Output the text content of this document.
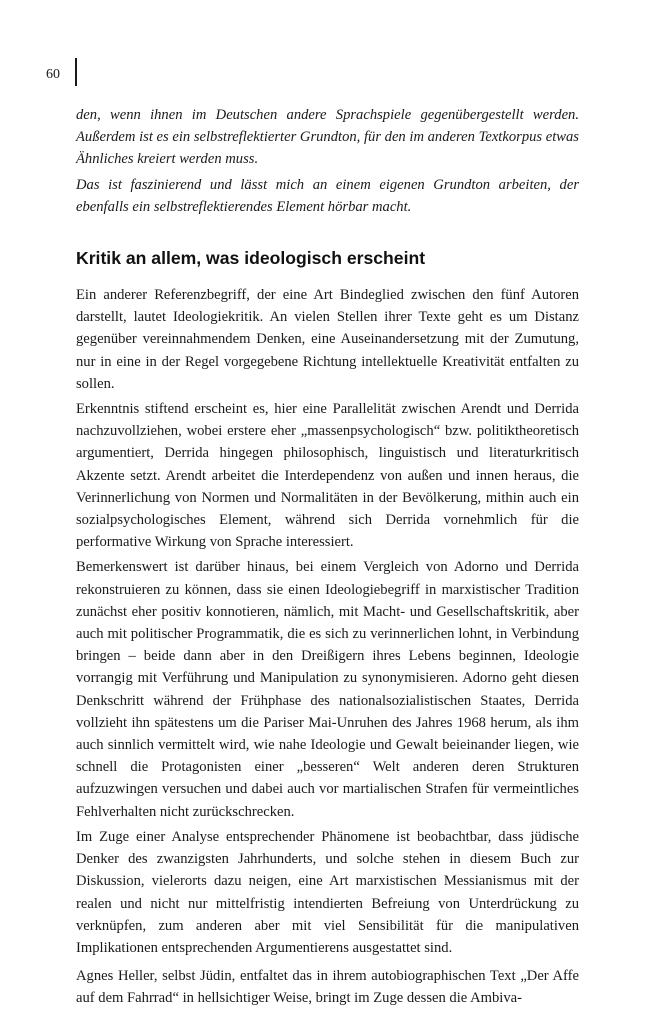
60

den, wenn ihnen im Deutschen andere Sprachspiele gegenübergestellt werden. Außerdem ist es ein selbstreflektierter Grundton, für den im anderen Textkorpus etwas Ähnliches kreiert werden muss.

Das ist faszinierend und lässt mich an einem eigenen Grundton arbeiten, der ebenfalls ein selbstreflektierendes Element hörbar macht.

Kritik an allem, was ideologisch erscheint

Ein anderer Referenzbegriff, der eine Art Bindeglied zwischen den fünf Autoren darstellt, lautet Ideologiekritik. An vielen Stellen ihrer Texte geht es um Distanz gegenüber vereinnahmendem Denken, eine Auseinandersetzung mit der Zumutung, nur in eine in der Regel vorgegebene Richtung intellektuelle Kreativität entfalten zu sollen.

Erkenntnis stiftend erscheint es, hier eine Parallelität zwischen Arendt und Derrida nachzuvollziehen, wobei erstere eher „massenpsychologisch“ bzw. politiktheoretisch argumentiert, Derrida hingegen philosophisch, linguistisch und literaturkritisch Akzente setzt. Arendt arbeitet die Interdependenz von außen und innen heraus, die Verinnerlichung von Normen und Normalitäten in der Bevölkerung, mithin auch ein sozialpsychologisches Element, während sich Derrida vornehmlich für die performative Wirkung von Sprache interessiert.

Bemerkenswert ist darüber hinaus, bei einem Vergleich von Adorno und Derrida rekonstruieren zu können, dass sie einen Ideologiebegriff in marxistischer Tradition zunächst eher positiv konnotieren, nämlich, mit Macht- und Gesellschaftskritik, aber auch mit politischer Programmatik, die es sich zu verinnerlichen lohnt, in Verbindung bringen – beide dann aber in den Dreißigern ihres Lebens beginnen, Ideologie vorrangig mit Verführung und Manipulation zu synonymisieren. Adorno geht diesen Denkschritt während der Frühphase des nationalsozialistischen Staates, Derrida vollzieht ihn spätestens um die Pariser Mai-Unruhen des Jahres 1968 herum, als ihm auch sinnlich vermittelt wird, wie nahe Ideologie und Gewalt beieinander liegen, wie schnell die Protagonisten einer „besseren“ Welt anderen deren Strukturen aufzuzwingen versuchen und dabei auch vor martialischen Strafen für vermeintliches Fehlverhalten nicht zurückschrecken.

Im Zuge einer Analyse entsprechender Phänomene ist beobachtbar, dass jüdische Denker des zwanzigsten Jahrhunderts, und solche stehen in diesem Buch zur Diskussion, vielerorts dazu neigen, eine Art marxistischen Messianismus mit der realen und nicht nur mittelfristig intendierten Befreiung von Unterdrückung zu verknüpfen, zum anderen aber mit viel Sensibilität für die manipulativen Implikationen entsprechenden Argumentierens ausgestattet sind.

Agnes Heller, selbst Jüdin, entfaltet das in ihrem autobiographischen Text „Der Affe auf dem Fahrrad“ in hellsichtiger Weise, bringt im Zuge dessen die Ambiva-
